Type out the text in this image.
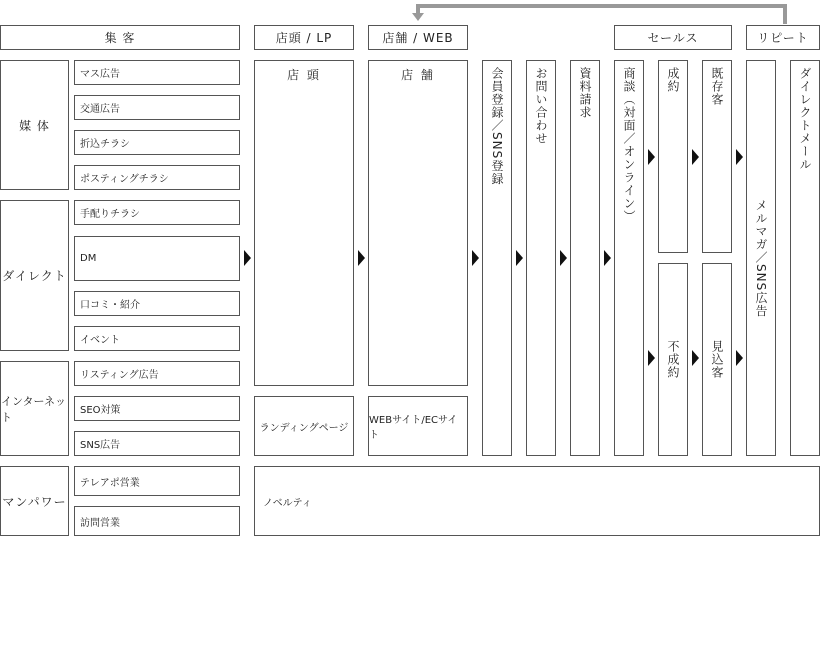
集 客	店頭 / LP	店舗 / WEB	セールス	リピート
媒 体
ダイレクト
インターネット
マンパワー
マス広告
交通広告
折込チラシ
ポスティングチラシ
手配りチラシ
DM
口コミ・紹介
イベント
リスティング広告
SEO対策
SNS広告
テレアポ営業
訪問営業
店 頭	店 舗
ランディングページ
WEBサイト/ECサイト
ノベルティ
会員登録／SNS登録	お問い合わせ	資料請求	商談（対面／オンライン）	成約	既存客
不成約	見込客
メルマガ／SNS広告
ダイレクトメール
